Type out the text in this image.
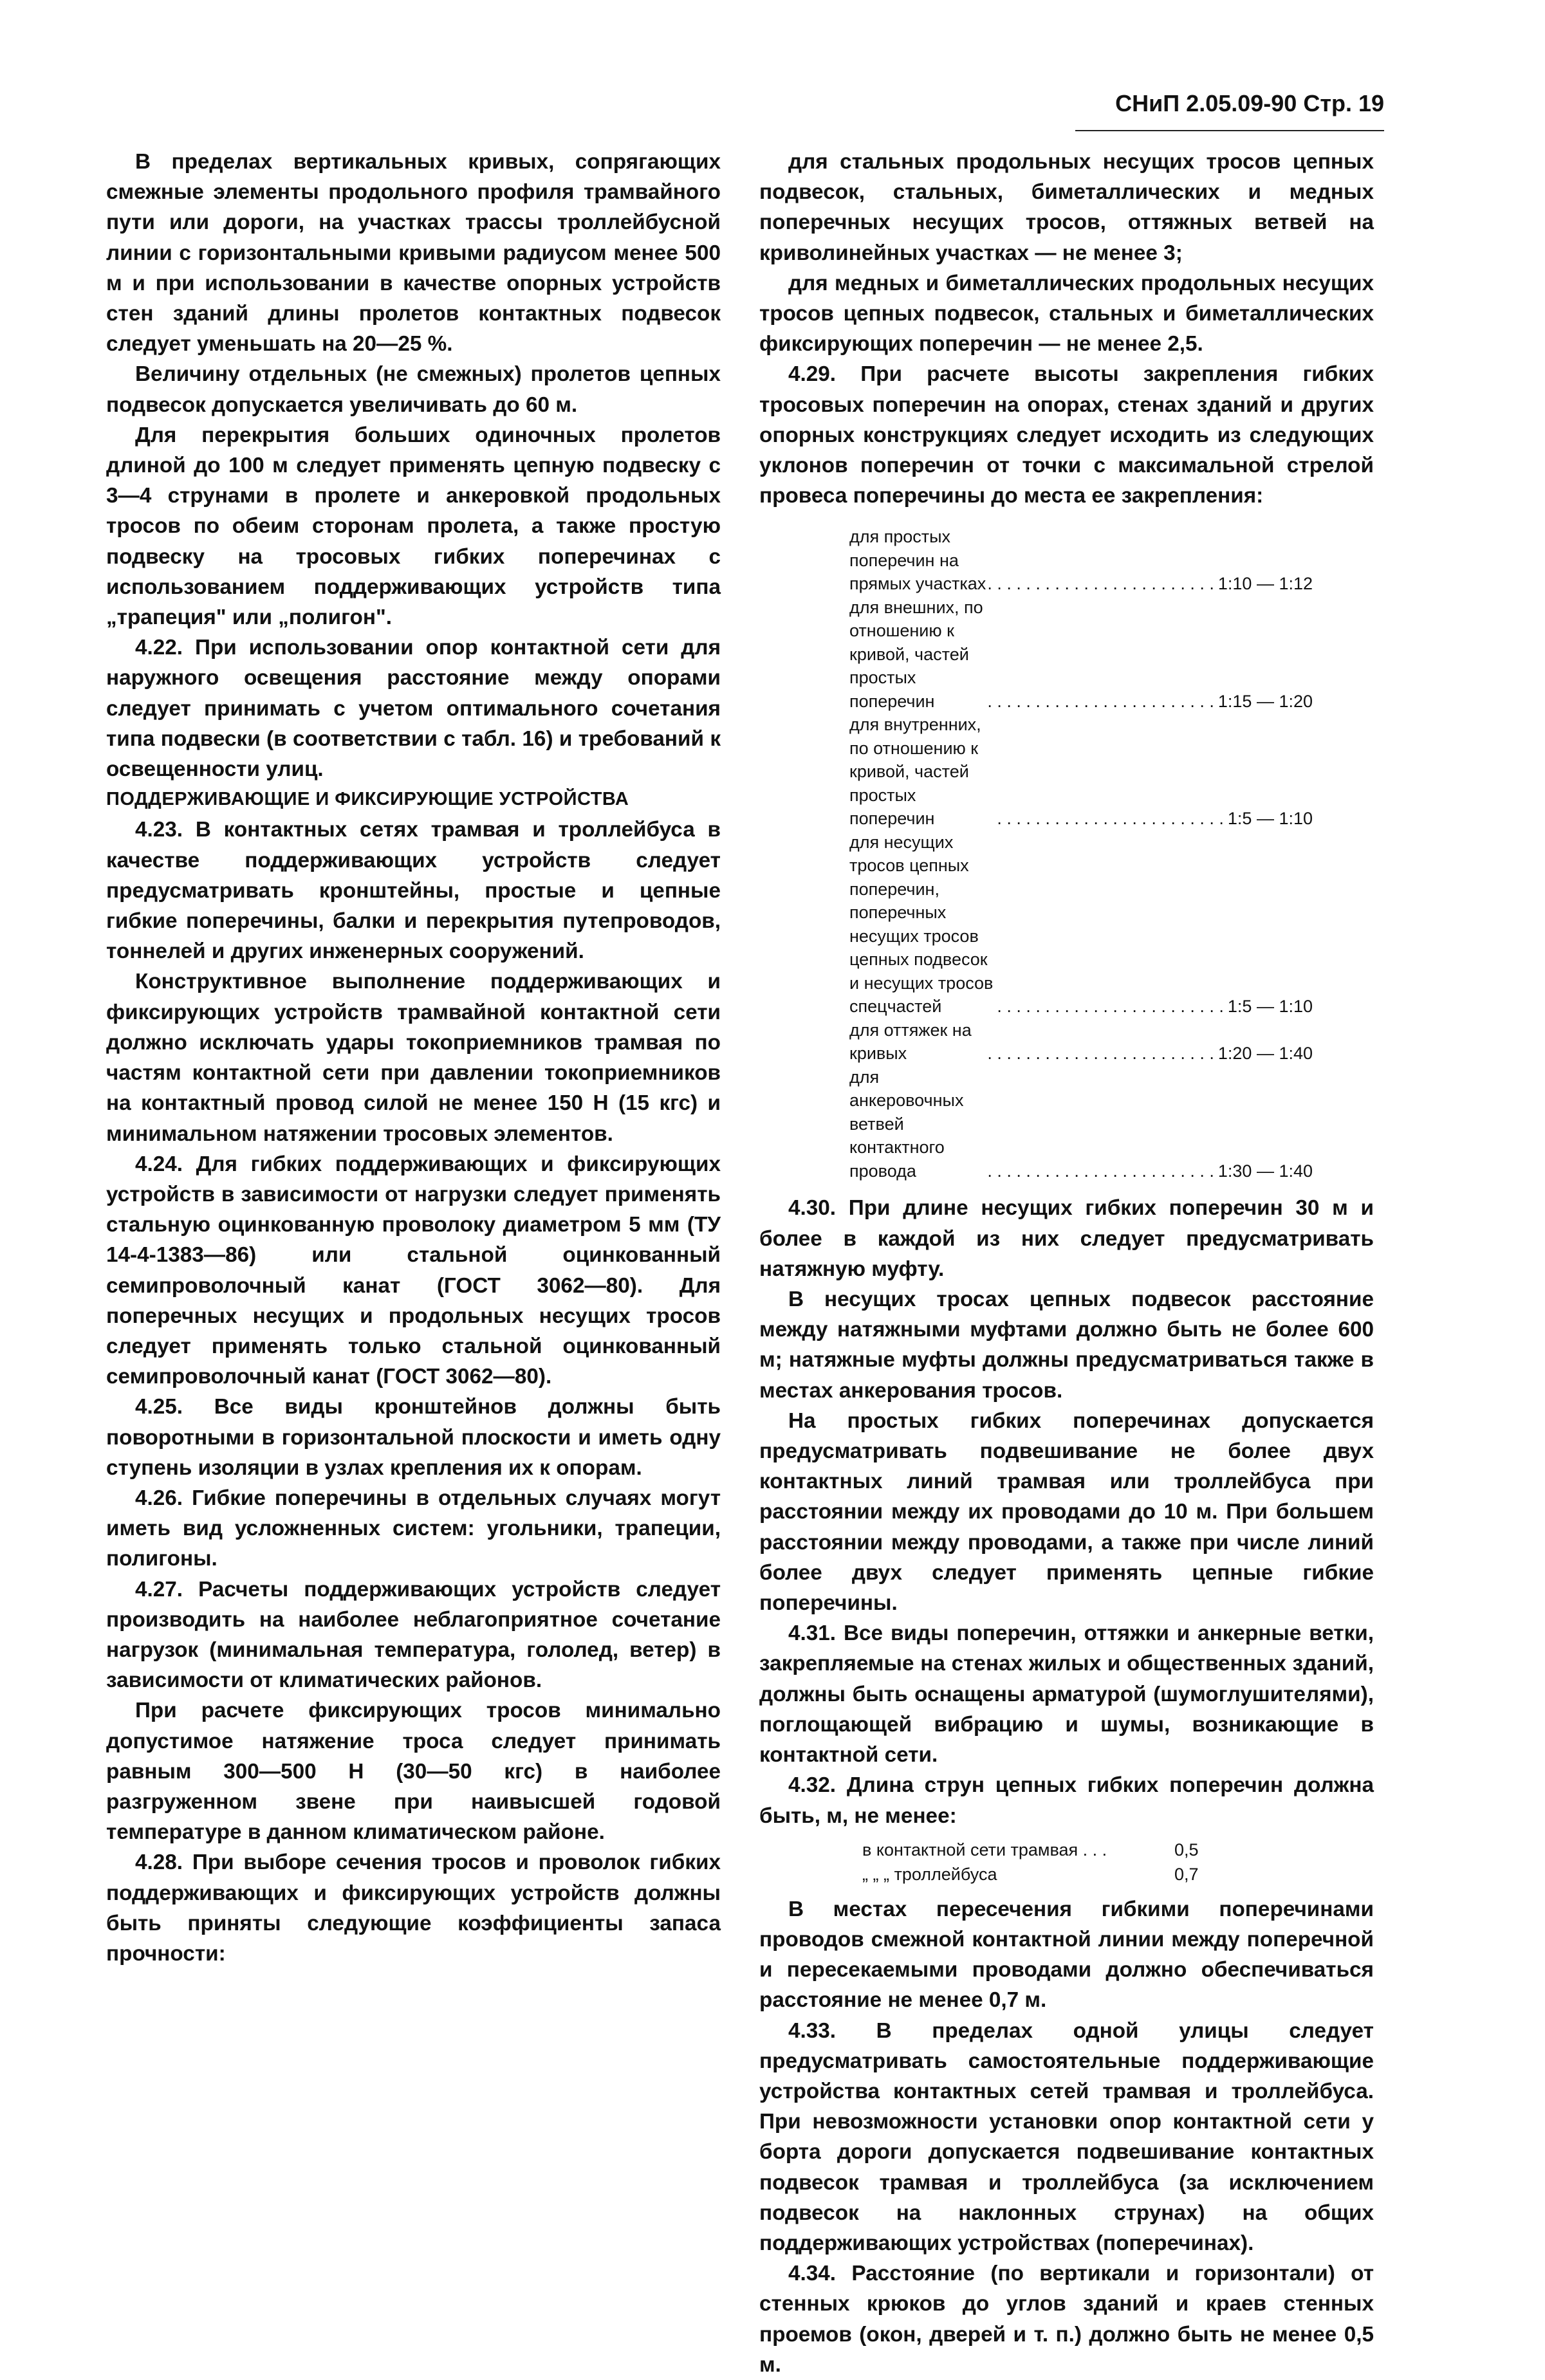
СНиП 2.05.09-90 Стр. 19

В пределах вертикальных кривых, сопрягающих смежные элементы продольного профиля трамвайного пути или дороги, на участках трассы троллейбусной линии с горизонтальными кривыми радиусом менее 500 м и при использовании в качестве опорных устройств стен зданий длины пролетов контактных подвесок следует уменьшать на 20—25 %.

Величину отдельных (не смежных) пролетов цепных подвесок допускается увеличивать до 60 м.

Для перекрытия больших одиночных пролетов длиной до 100 м следует применять цепную подвеску с 3—4 струнами в пролете и анкеровкой продольных тросов по обеим сторонам пролета, а также простую подвеску на тросовых гибких поперечинах с использованием поддерживающих устройств типа „трапеция" или „полигон".

4.22. При использовании опор контактной сети для наружного освещения расстояние между опорами следует принимать с учетом оптимального сочетания типа подвески (в соответствии с табл. 16) и требований к освещенности улиц.

ПОДДЕРЖИВАЮЩИЕ И ФИКСИРУЮЩИЕ УСТРОЙСТВА

4.23. В контактных сетях трамвая и троллейбуса в качестве поддерживающих устройств следует предусматривать кронштейны, простые и цепные гибкие поперечины, балки и перекрытия путепроводов, тоннелей и других инженерных сооружений.

Конструктивное выполнение поддерживающих и фиксирующих устройств трамвайной контактной сети должно исключать удары токоприемников трамвая по частям контактной сети при давлении токоприемников на контактный провод силой не менее 150 Н (15 кгс) и минимальном натяжении тросовых элементов.

4.24. Для гибких поддерживающих и фиксирующих устройств в зависимости от нагрузки следует применять стальную оцинкованную проволоку диаметром 5 мм (ТУ 14-4-1383—86) или стальной оцинкованный семипроволочный канат (ГОСТ 3062—80). Для поперечных несущих и продольных несущих тросов следует применять только стальной оцинкованный семипроволочный канат (ГОСТ 3062—80).

4.25. Все виды кронштейнов должны быть поворотными в горизонтальной плоскости и иметь одну ступень изоляции в узлах крепления их к опорам.

4.26. Гибкие поперечины в отдельных случаях могут иметь вид усложненных систем: угольники, трапеции, полигоны.

4.27. Расчеты поддерживающих устройств следует производить на наиболее неблагоприятное сочетание нагрузок (минимальная температура, гололед, ветер) в зависимости от климатических районов.

При расчете фиксирующих тросов минимально допустимое натяжение троса следует принимать равным 300—500 Н (30—50 кгс) в наиболее разгруженном звене при наивысшей годовой температуре в данном климатическом районе.

4.28. При выборе сечения тросов и проволок гибких поддерживающих и фиксирующих устройств должны быть приняты следующие коэффициенты запаса прочности:

для стальных продольных несущих тросов цепных подвесок, стальных, биметаллических и медных поперечных несущих тросов, оттяжных ветвей на криволинейных участках — не менее 3;

для медных и биметаллических продольных несущих тросов цепных подвесок, стальных и биметаллических фиксирующих поперечин — не менее 2,5.

4.29. При расчете высоты закрепления гибких тросовых поперечин на опорах, стенах зданий и других опорных конструкциях следует исходить из следующих уклонов поперечин от точки с максимальной стрелой провеса поперечины до места ее закрепления:

для простых поперечин на прямых участках . . . . . . . . . . . . . . . . . . . . . . . . 1:10 — 1:12
для внешних, по отношению к кривой, частей простых поперечин	. . . . . . . . . . . . . . . . . . . . . . . . 1:15 — 1:20
для внутренних, по отношению к кривой, частей простых поперечин	. . . . . . . . . . . . . . . . . . . . . . . . 1:5 — 1:10
для несущих тросов цепных поперечин, поперечных несущих тросов цепных подвесок и несущих тросов спецчастей	. . . . . . . . . . . . . . . . . . . . . . . . 1:5 — 1:10
для оттяжек на кривых	. . . . . . . . . . . . . . . . . . . . . . . . 1:20 — 1:40
для анкеровочных ветвей контактного провода	. . . . . . . . . . . . . . . . . . . . . . . . 1:30 — 1:40

4.30. При длине несущих гибких поперечин 30 м и более в каждой из них следует предусматривать натяжную муфту.

В несущих тросах цепных подвесок расстояние между натяжными муфтами должно быть не более 600 м; натяжные муфты должны предусматриваться также в местах анкерования тросов.

На простых гибких поперечинах допускается предусматривать подвешивание не более двух контактных линий трамвая или троллейбуса при расстоянии между их проводами до 10 м. При большем расстоянии между проводами, а также при числе линий более двух следует применять цепные гибкие поперечины.

4.31. Все виды поперечин, оттяжки и анкерные ветки, закрепляемые на стенах жилых и общественных зданий, должны быть оснащены арматурой (шумоглушителями), поглощающей вибрацию и шумы, возникающие в контактной сети.

4.32. Длина струн цепных гибких поперечин должна быть, м, не менее:

в контактной сети трамвая . . .	0,5
„ „ „ троллейбуса	0,7

В местах пересечения гибкими поперечинами проводов смежной контактной линии между поперечной и пересекаемыми проводами должно обеспечиваться расстояние не менее 0,7 м.

4.33. В пределах одной улицы следует предусматривать самостоятельные поддерживающие устройства контактных сетей трамвая и троллейбуса. При невозможности установки опор контактной сети у борта дороги допускается подвешивание контактных подвесок трамвая и троллейбуса (за исключением подвесок на наклонных струнах) на общих поддерживающих устройствах (поперечинах).

4.34. Расстояние (по вертикали и горизонтали) от стенных крюков до углов зданий и краев стенных проемов (окон, дверей и т. п.) должно быть не менее 0,5 м.
